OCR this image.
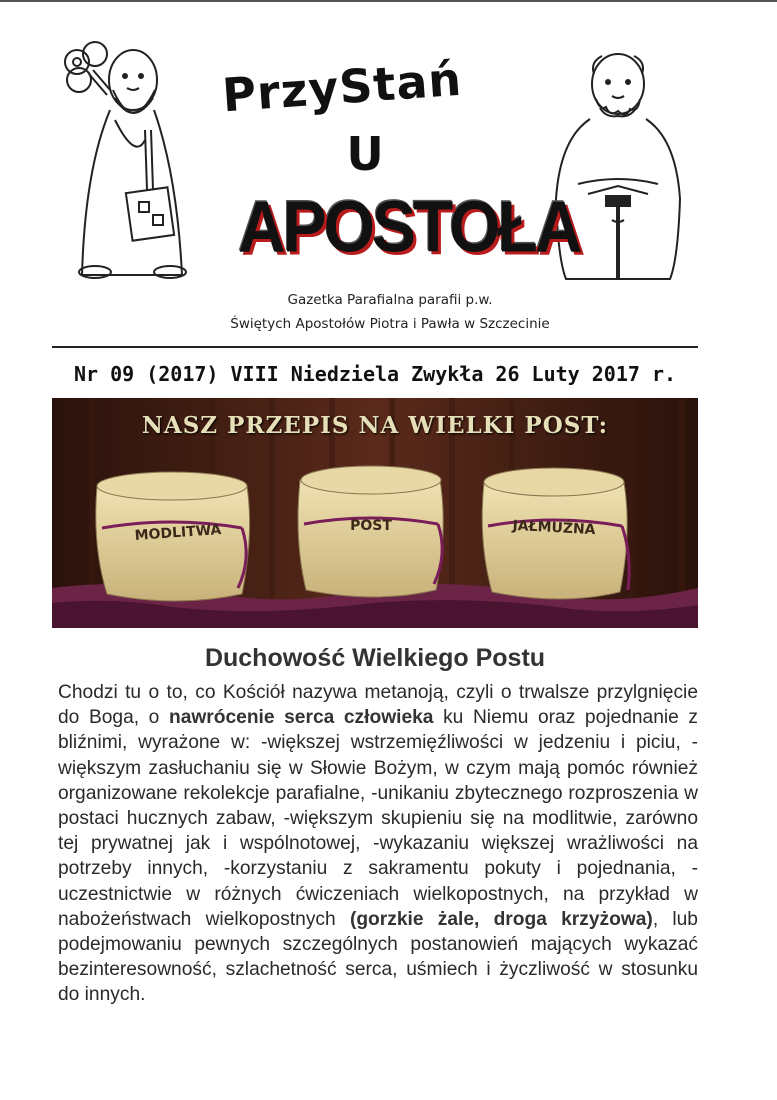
PrzyStań
U
APOSTOŁA
Gazetka Parafialna parafii p.w.
Świętych Apostołów Piotra i Pawła w Szczecinie
Nr 09 (2017) VIII Niedziela Zwykła 26 Luty 2017 r.
NASZ PRZEPIS NA WIELKI POST:
MODLITWA	POST	JAŁMUŻNA
Duchowość Wielkiego Postu
Chodzi tu o to, co Kościół nazywa metanoją, czyli o trwalsze przylgnięcie do Boga, o nawrócenie serca człowieka ku Niemu oraz pojednanie z bliźnimi, wyrażone w: -większej wstrzemięźliwości w jedzeniu i piciu, -większym zasłuchaniu się w Słowie Bożym, w czym mają pomóc również organizowane rekolekcje parafialne, -unikaniu zbytecznego rozproszenia w postaci hucznych zabaw, -większym skupieniu się na modlitwie, zarówno tej prywatnej jak i wspólnotowej, -wykazaniu większej wrażliwości na potrzeby innych, -korzystaniu z sakramentu pokuty i pojednania, -uczestnictwie w różnych ćwiczeniach wielkopostnych, na przykład w nabożeństwach wielkopostnych (gorzkie żale, droga krzyżowa), lub podejmowaniu pewnych szczególnych postanowień mających wykazać bezinteresowność, szlachetność serca, uśmiech i życzliwość w stosunku do innych.
